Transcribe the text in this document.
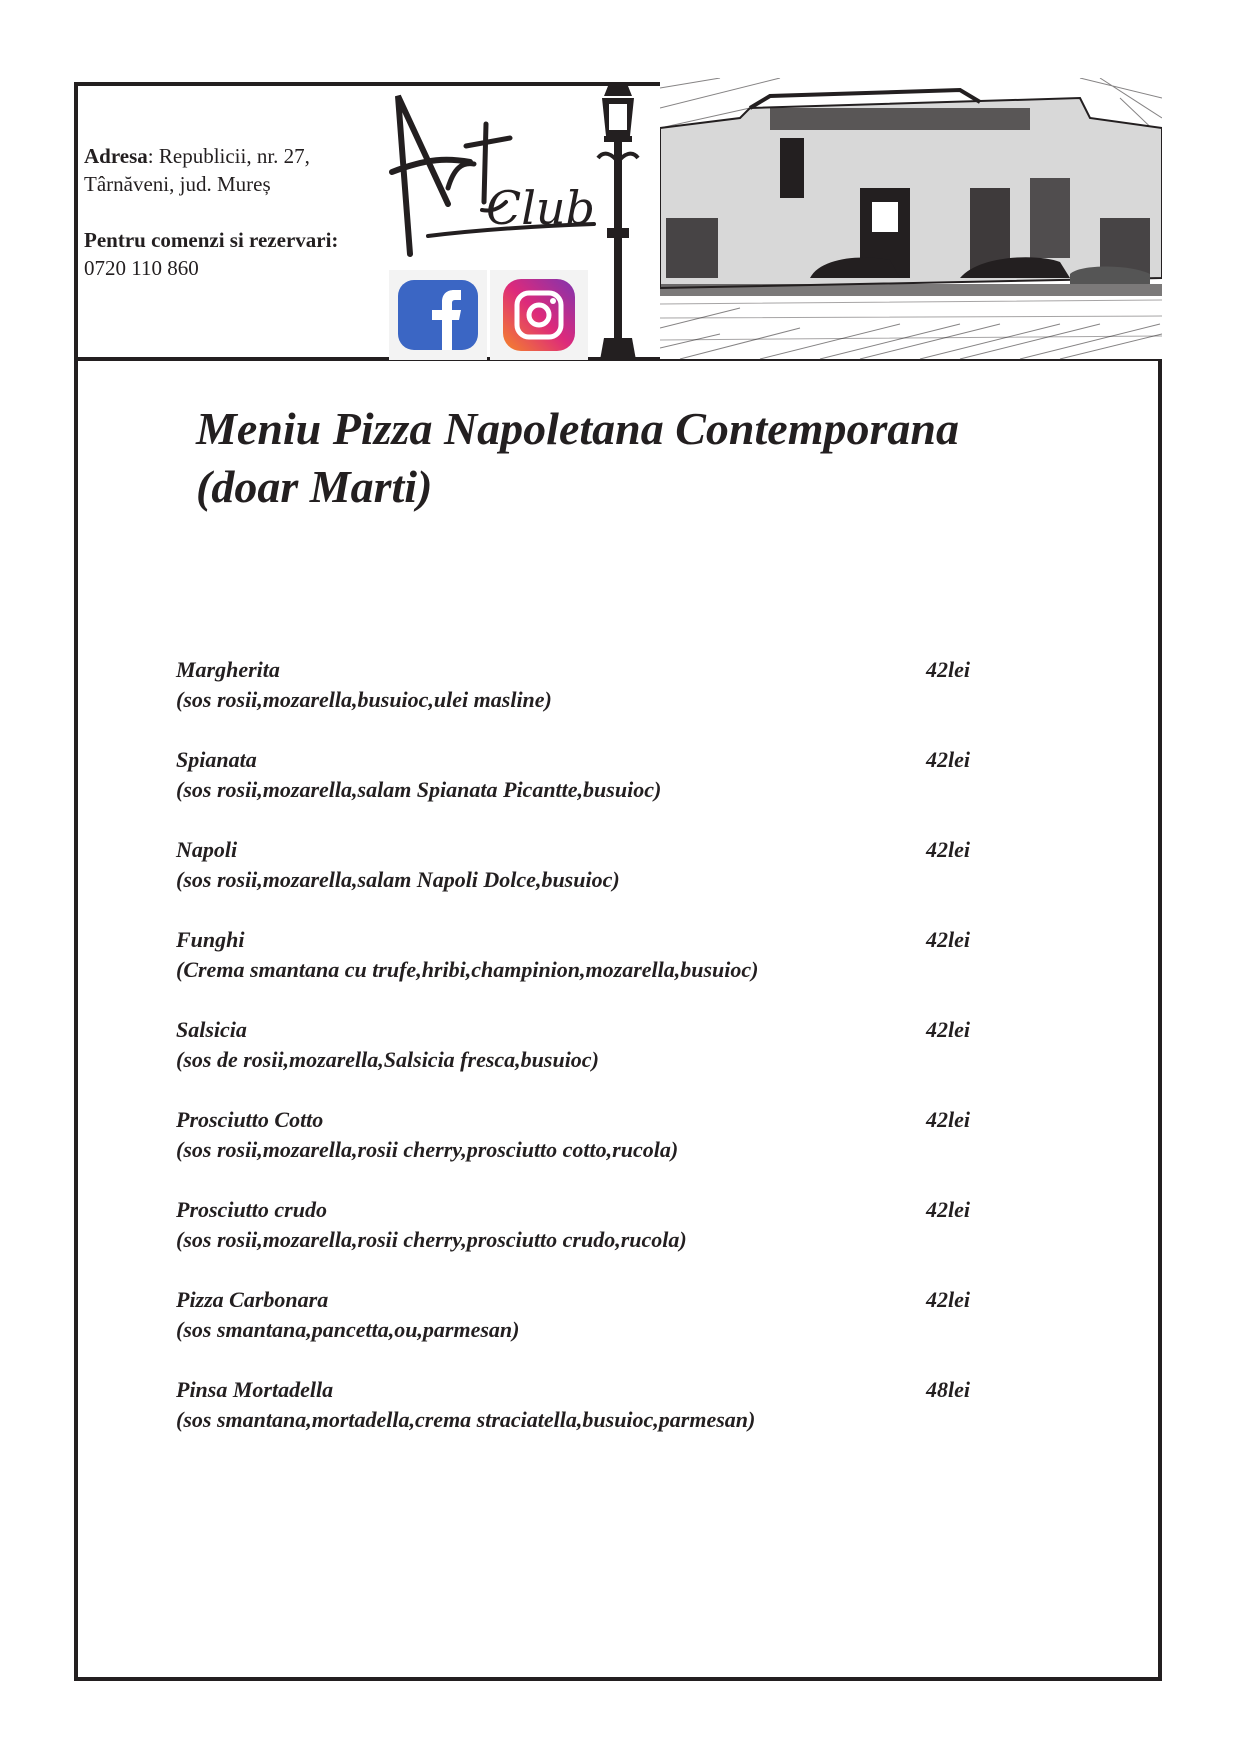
Adresa: Republicii, nr. 27,
Târnăveni, jud. Mureș

Pentru comenzi si rezervari:
0720 110 860

Club
Meniu Pizza Napoletana Contemporana
(doar Marti)
Margherita
(sos rosii,mozarella,busuioc,ulei masline)
42lei
Spianata
(sos rosii,mozarella,salam Spianata Picantte,busuioc)
42lei
Napoli
(sos rosii,mozarella,salam Napoli Dolce,busuioc)
42lei
Funghi
(Crema smantana cu trufe,hribi,champinion,mozarella,busuioc)
42lei
Salsicia
(sos de rosii,mozarella,Salsicia fresca,busuioc)
42lei
Prosciutto Cotto
(sos rosii,mozarella,rosii cherry,prosciutto cotto,rucola)
42lei
Prosciutto crudo
(sos rosii,mozarella,rosii cherry,prosciutto crudo,rucola)
42lei
Pizza Carbonara
(sos smantana,pancetta,ou,parmesan)
42lei
Pinsa Mortadella
(sos smantana,mortadella,crema straciatella,busuioc,parmesan)
48lei
